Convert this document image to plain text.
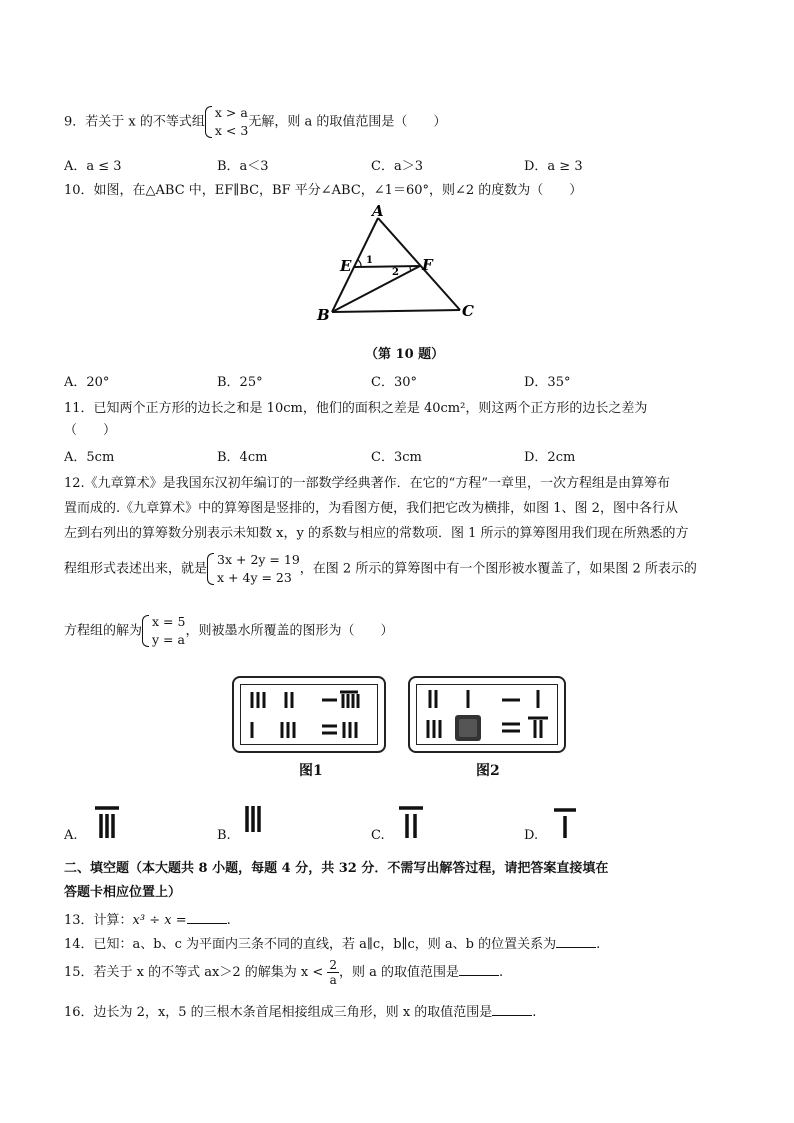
9．若关于 x 的不等式组
x > a
x < 3
无解，则 a 的取值范围是（　　）
A．a ≤ 3	B．a＜3	C．a＞3	D．a ≥ 3
10．如图，在△ABC 中，EF∥BC，BF 平分∠ABC，∠1＝60°，则∠2 的度数为（　　）
A
E	F
B	C
1
2
（第 10 题）
A．20°	B．25°	C．30°	D．35°
11．已知两个正方形的边长之和是 10cm，他们的面积之差是 40cm²，则这两个正方形的边长之差为
（　　）
A．5cm	B．4cm	C．3cm	D．2cm
12.《九章算术》是我国东汉初年编订的一部数学经典著作．在它的“方程”一章里，一次方程组是由算筹布
置而成的.《九章算术》中的算筹图是竖排的，为看图方便，我们把它改为横排，如图 1、图 2，图中各行从
左到右列出的算筹数分别表示未知数 x，y 的系数与相应的常数项．图 1 所示的算筹图用我们现在所熟悉的方
程组形式表述出来，就是
3x + 2y = 19
x + 4y = 23
，在图 2 所示的算筹图中有一个图形被水覆盖了，如果图 2 所表示的
方程组的解为
x = 5
y = a
，则被墨水所覆盖的图形为（　　）
图1	图2
A.	B.	C.	D.
二、填空题（本大题共 8 小题，每题 4 分，共 32 分．不需写出解答过程，请把答案直接填在
答题卡相应位置上）
13．计算：x³ ÷ x =	.
14．已知：a、b、c 为平面内三条不同的直线，若 a∥c，b∥c，则 a、b 的位置关系为	.
15．若关于 x 的不等式 ax＞2 的解集为 $x < \frac{2}{a}$ ，则 a 的取值范围是	.
16．边长为 2，x，5 的三根木条首尾相接组成三角形，则 x 的取值范围是	.
